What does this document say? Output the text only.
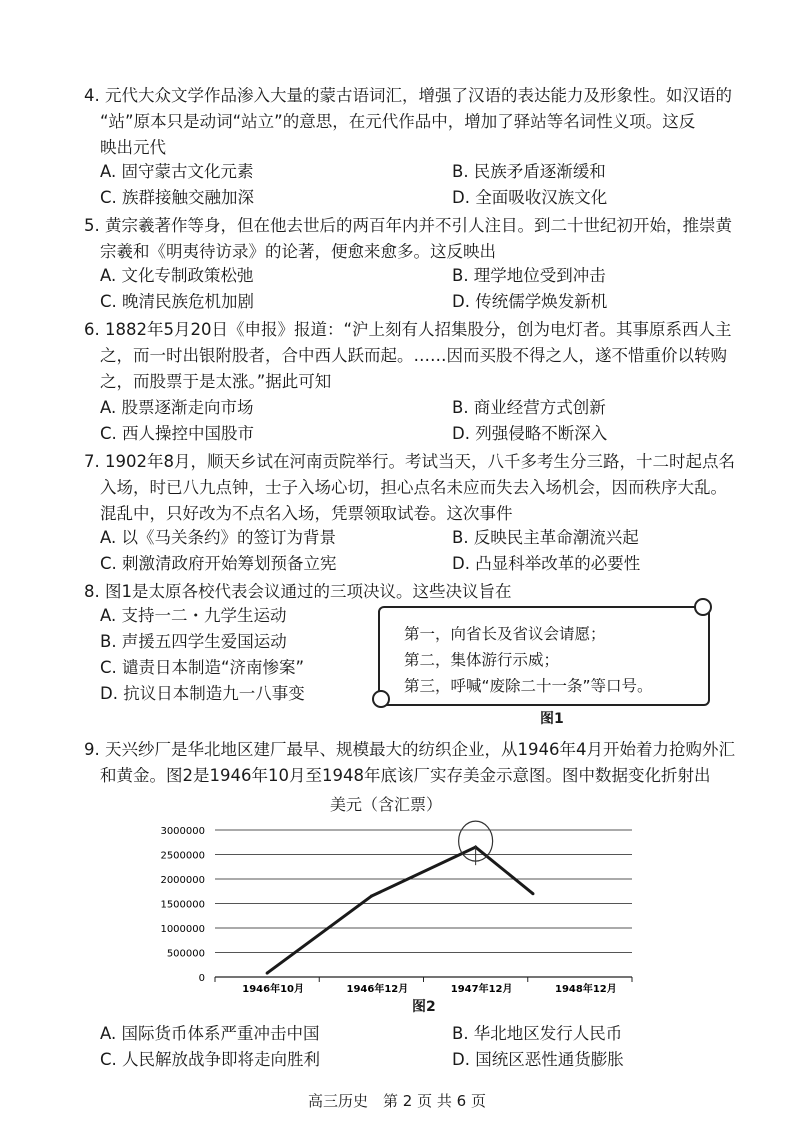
4. 元代大众文学作品渗入大量的蒙古语词汇，增强了汉语的表达能力及形象性。如汉语的
“站”原本只是动词“站立”的意思，在元代作品中，增加了驿站等名词性义项。这反
映出元代
A. 固守蒙古文化元素	B. 民族矛盾逐渐缓和
C. 族群接触交融加深	D. 全面吸收汉族文化
5. 黄宗羲著作等身，但在他去世后的两百年内并不引人注目。到二十世纪初开始，推崇黄
宗羲和《明夷待访录》的论著，便愈来愈多。这反映出
A. 文化专制政策松弛	B. 理学地位受到冲击
C. 晚清民族危机加剧	D. 传统儒学焕发新机
6. 1882年5月20日《申报》报道：“沪上刻有人招集股分，创为电灯者。其事原系西人主
之，而一时出银附股者，合中西人跃而起。……因而买股不得之人，遂不惜重价以转购
之，而股票于是太涨。”据此可知
A. 股票逐渐走向市场	B. 商业经营方式创新
C. 西人操控中国股市	D. 列强侵略不断深入
7. 1902年8月，顺天乡试在河南贡院举行。考试当天，八千多考生分三路，十二时起点名
入场，时已八九点钟，士子入场心切，担心点名未应而失去入场机会，因而秩序大乱。
混乱中，只好改为不点名入场，凭票领取试卷。这次事件
A. 以《马关条约》的签订为背景	B. 反映民主革命潮流兴起
C. 刺激清政府开始筹划预备立宪	D. 凸显科举改革的必要性
8. 图1是太原各校代表会议通过的三项决议。这些决议旨在
A. 支持一二・九学生运动
B. 声援五四学生爱国运动
C. 谴责日本制造“济南惨案”
D. 抗议日本制造九一八事变
第一，向省长及省议会请愿；
第二，集体游行示威；
第三，呼喊“废除二十一条”等口号。
图1
9. 天兴纱厂是华北地区建厂最早、规模最大的纺织企业，从1946年4月开始着力抢购外汇
和黄金。图2是1946年10月至1948年底该厂实存美金示意图。图中数据变化折射出
美元（含汇票）
3000000
2500000
2000000
1500000
1000000
500000
0
1946年10月	1946年12月	1947年12月	1948年12月
图2
A. 国际货币体系严重冲击中国	B. 华北地区发行人民币
C. 人民解放战争即将走向胜利	D. 国统区恶性通货膨胀
高三历史　第 2 页 共 6 页
